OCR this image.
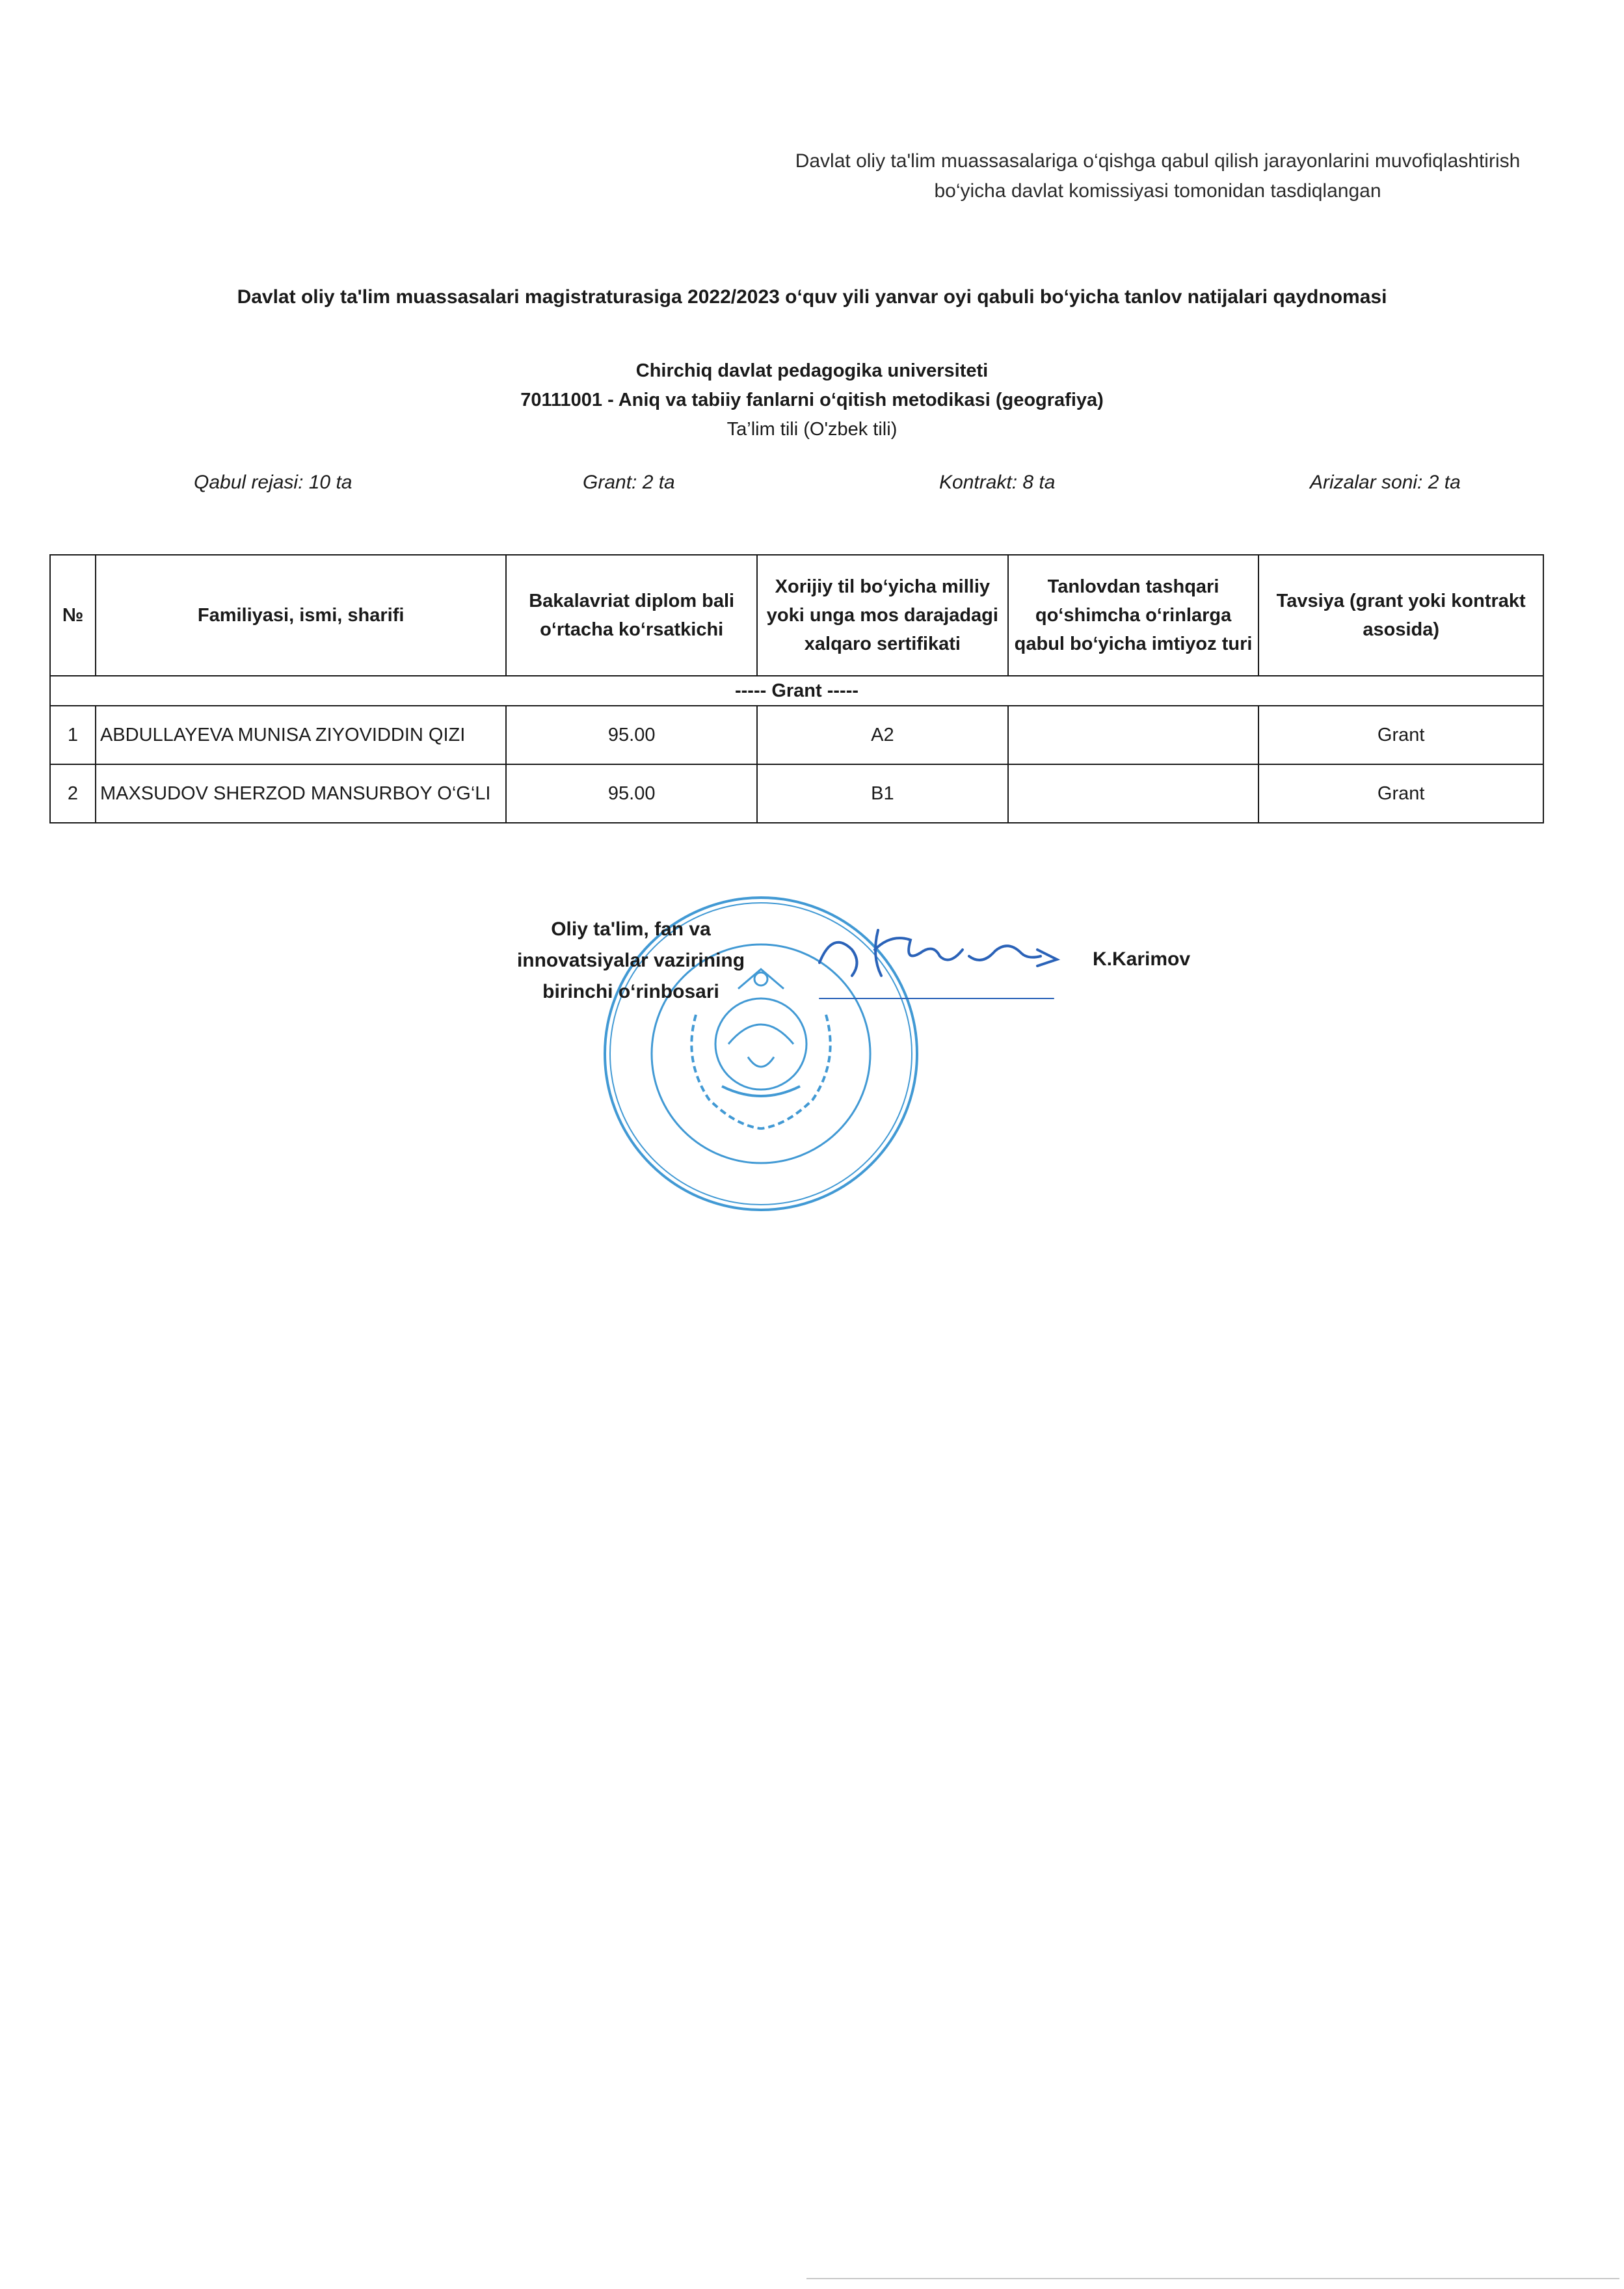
Davlat oliy ta'lim muassasalariga o‘qishga qabul qilish jarayonlarini muvofiqlashtirish
bo‘yicha davlat komissiyasi tomonidan tasdiqlangan
Davlat oliy ta'lim muassasalari magistraturasiga 2022/2023 o‘quv yili yanvar oyi qabuli bo‘yicha tanlov natijalari qaydnomasi
Chirchiq davlat pedagogika universiteti
70111001 - Aniq va tabiiy fanlarni o‘qitish metodikasi (geografiya)
Ta’lim tili (O'zbek tili)
Qabul rejasi: 10 ta	Grant: 2 ta	Kontrakt: 8 ta	Arizalar soni: 2 ta
№	Familiyasi, ismi, sharifi	Bakalavriat diplom bali o‘rtacha ko‘rsatkichi	Xorijiy til bo‘yicha milliy yoki unga mos darajadagi xalqaro sertifikati	Tanlovdan tashqari qo‘shimcha o‘rinlarga qabul bo‘yicha imtiyoz turi	Tavsiya (grant yoki kontrakt asosida)
----- Grant -----					
1	ABDULLAYEVA MUNISA ZIYOVIDDIN QIZI	95.00	A2		Grant
2	MAXSUDOV SHERZOD MANSURBOY O‘G‘LI	95.00	B1		Grant
Oliy ta'lim, fan va
innovatsiyalar vazirining
birinchi o‘rinbosari
K.Karimov
